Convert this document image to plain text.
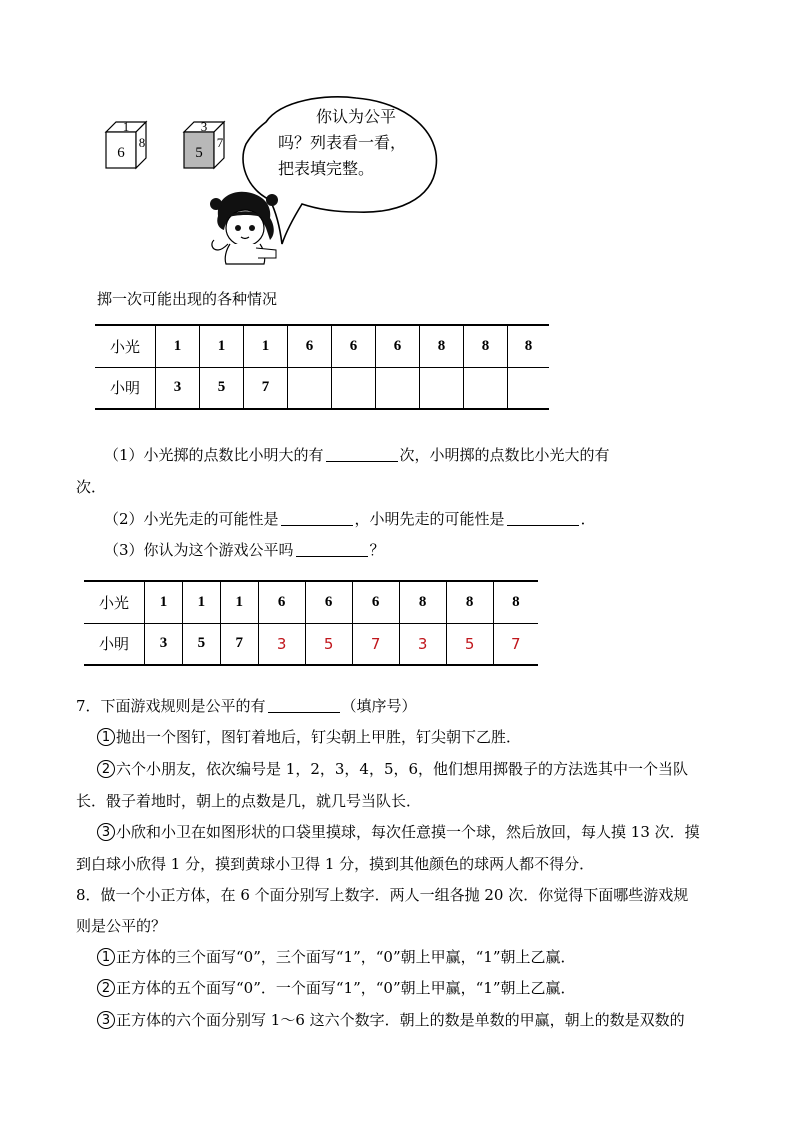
1
6
8
3
5
7
你认为公平
吗？列表看一看，
把表填完整。
掷一次可能出现的各种情况
小光	1	1	1	6	6	6	8	8	8
小明	3	5	7						
（1）小光掷的点数比小明大的有	次，小明掷的点数比小光大的有
次．
（2）小光先走的可能性是	，小明先走的可能性是	．
（3）你认为这个游戏公平吗	？
小光	1	1	1	6	6	6	8	8	8
小明	3	5	7	3	5	7	3	5	7
7．下面游戏规则是公平的有	（填序号）
1 抛出一个图钉，图钉着地后，钉尖朝上甲胜，钉尖朝下乙胜．
2 六个小朋友，依次编号是 1，2，3，4，5，6，他们想用掷骰子的方法选其中一个当队
长．骰子着地时，朝上的点数是几，就几号当队长．
3 小欣和小卫在如图形状的口袋里摸球，每次任意摸一个球，然后放回，每人摸 13 次．摸
到白球小欣得 1 分，摸到黄球小卫得 1 分，摸到其他颜色的球两人都不得分．
8．做一个小正方体，在 6 个面分别写上数字．两人一组各抛 20 次．你觉得下面哪些游戏规
则是公平的？
1 正方体的三个面写“0”，三个面写“1”，“0”朝上甲赢，“1”朝上乙赢．
2 正方体的五个面写“0”．一个面写“1”，“0”朝上甲赢，“1”朝上乙赢．
3 正方体的六个面分别写 1～6 这六个数字．朝上的数是单数的甲赢，朝上的数是双数的
